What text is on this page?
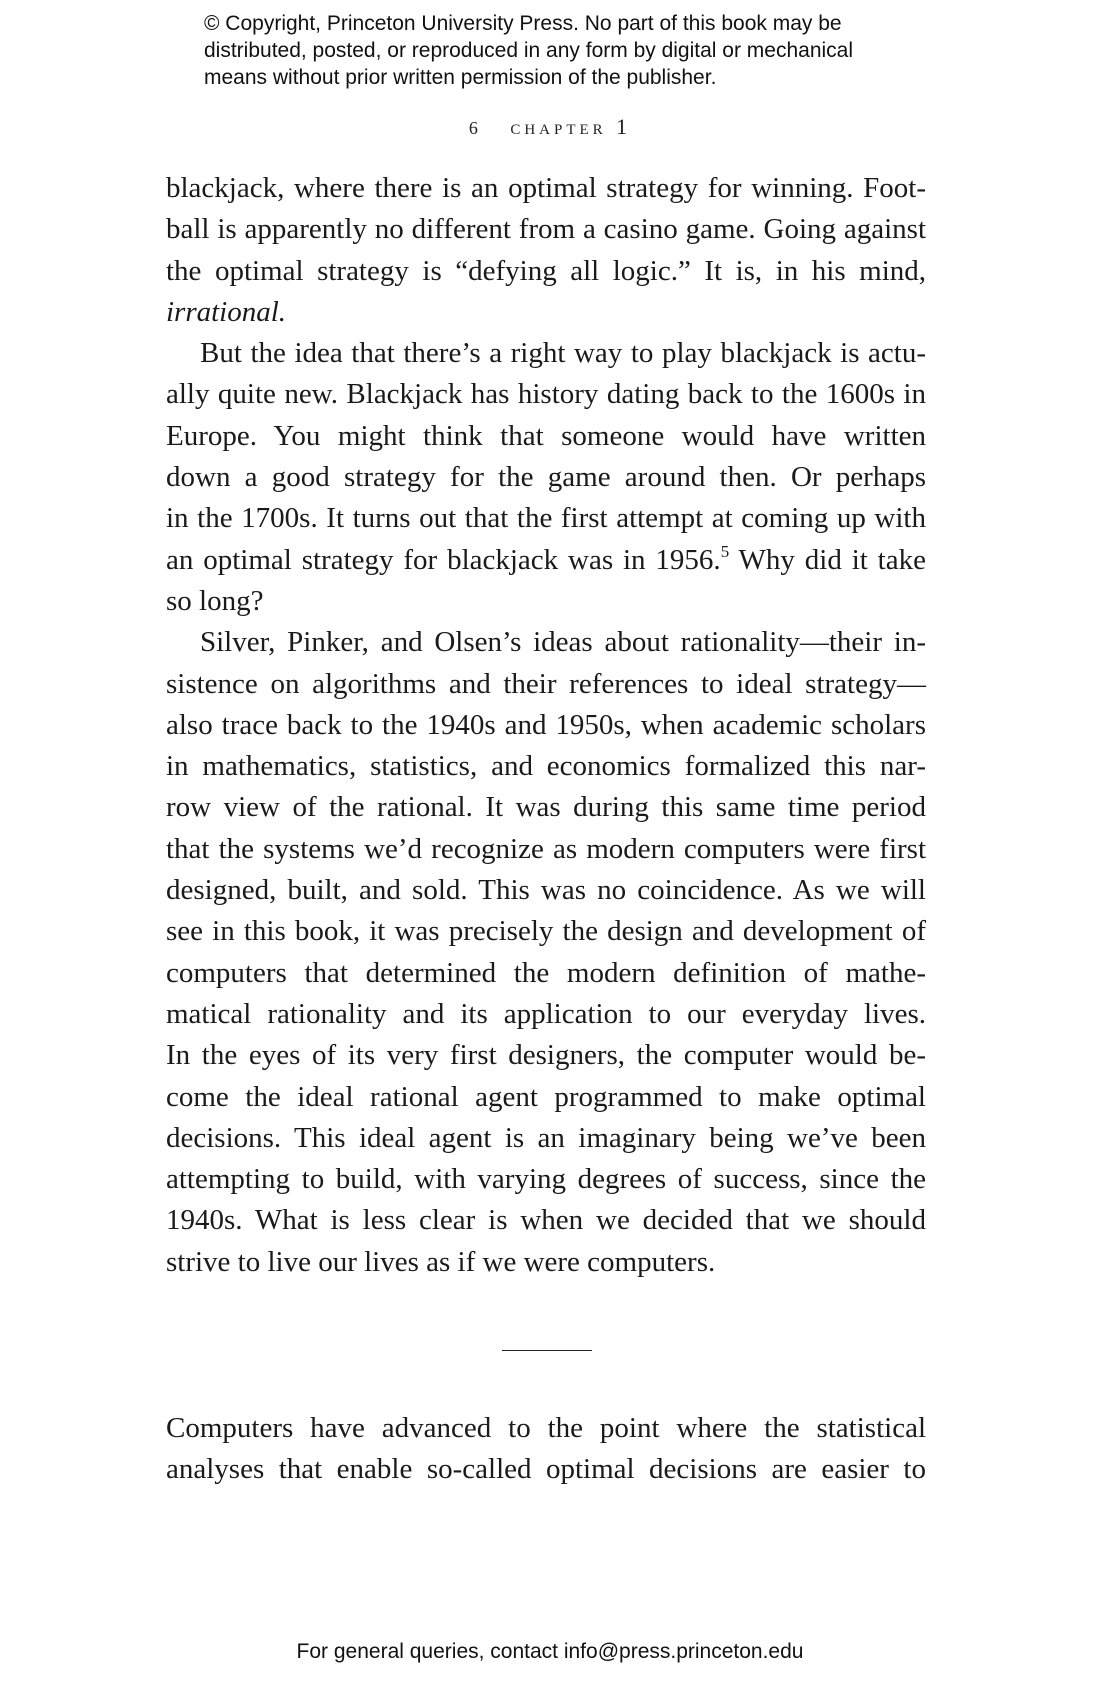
© Copyright, Princeton University Press. No part of this book may be
distributed, posted, or reproduced in any form by digital or mechanical
means without prior written permission of the publisher.
6 chapter 1
blackjack, where there is an optimal strategy for winning. Foot-
ball is apparently no different from a casino game. Going against
the optimal strategy is “defying all logic.” It is, in his mind,
irrational.
But the idea that there’s a right way to play blackjack is actu-
ally quite new. Blackjack has history dating back to the 1600s in
Europe. You might think that someone would have written
down a good strategy for the game around then. Or perhaps
in the 1700s. It turns out that the first attempt at coming up with
an optimal strategy for blackjack was in 1956.$^5$ Why did it take
so long?
Silver, Pinker, and Olsen’s ideas about rationality—their in-
sistence on algorithms and their references to ideal strategy—
also trace back to the 1940s and 1950s, when academic scholars
in mathematics, statistics, and economics formalized this nar-
row view of the rational. It was during this same time period
that the systems we’d recognize as modern computers were first
designed, built, and sold. This was no coincidence. As we will
see in this book, it was precisely the design and development of
computers that determined the modern definition of mathe-
matical rationality and its application to our everyday lives.
In the eyes of its very first designers, the computer would be-
come the ideal rational agent programmed to make optimal
decisions. This ideal agent is an imaginary being we’ve been
attempting to build, with varying degrees of success, since the
1940s. What is less clear is when we decided that we should
strive to live our lives as if we were computers.
Computers have advanced to the point where the statistical
analyses that enable so-called optimal decisions are easier to
For general queries, contact info@press.princeton.edu
